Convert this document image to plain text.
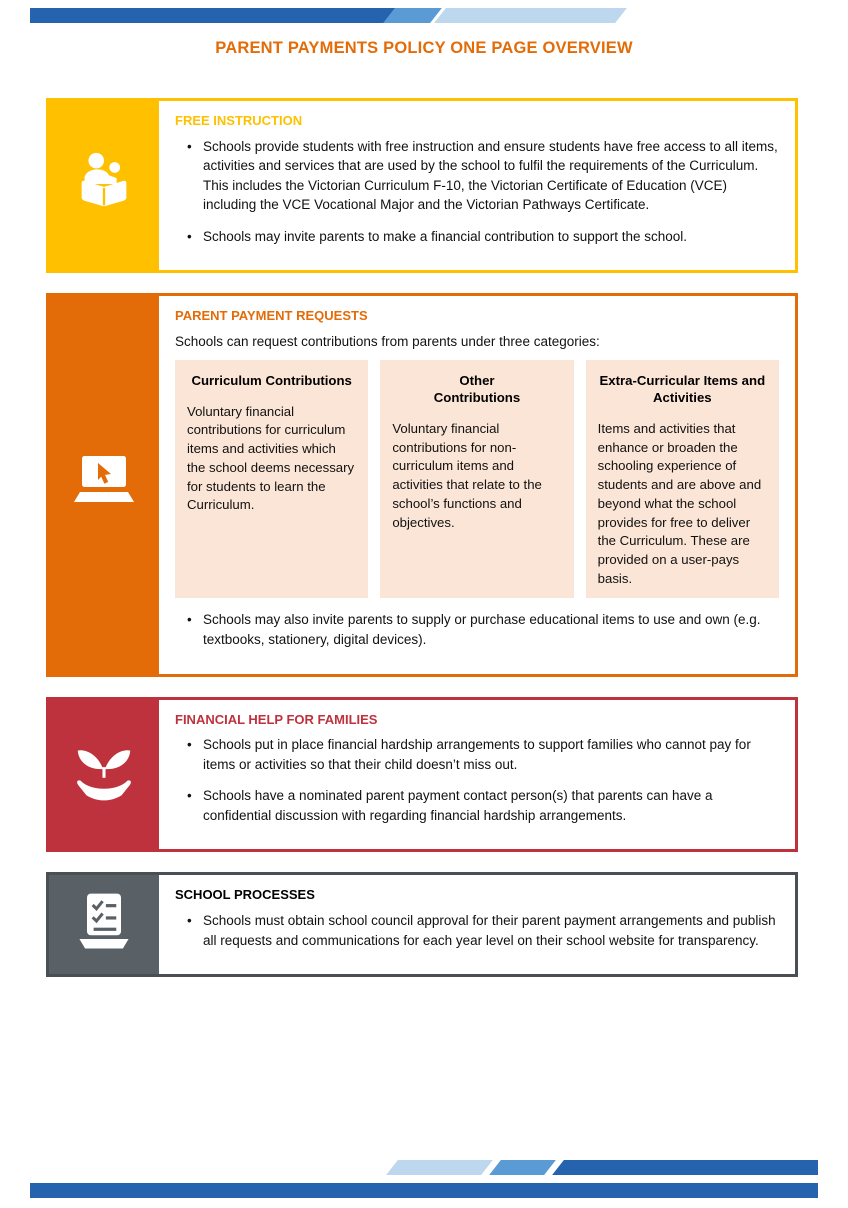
PARENT PAYMENTS POLICY ONE PAGE OVERVIEW
FREE INSTRUCTION
• Schools provide students with free instruction and ensure students have free access to all items, activities and services that are used by the school to fulfil the requirements of the Curriculum. This includes the Victorian Curriculum F-10, the Victorian Certificate of Education (VCE) including the VCE Vocational Major and the Victorian Pathways Certificate.
• Schools may invite parents to make a financial contribution to support the school.
PARENT PAYMENT REQUESTS

Schools can request contributions from parents under three categories:

Curriculum Contributions

Voluntary financial contributions for curriculum items and activities which the school deems necessary for students to learn the Curriculum.

Other Contributions

Voluntary financial contributions for non-curriculum items and activities that relate to the school’s functions and objectives.

Extra-Curricular Items and Activities

Items and activities that enhance or broaden the schooling experience of students and are above and beyond what the school provides for free to deliver the Curriculum. These are provided on a user-pays basis.

• Schools may also invite parents to supply or purchase educational items to use and own (e.g. textbooks, stationery, digital devices).
FINANCIAL HELP FOR FAMILIES
• Schools put in place financial hardship arrangements to support families who cannot pay for items or activities so that their child doesn’t miss out.
• Schools have a nominated parent payment contact person(s) that parents can have a confidential discussion with regarding financial hardship arrangements.
SCHOOL PROCESSES
• Schools must obtain school council approval for their parent payment arrangements and publish all requests and communications for each year level on their school website for transparency.
